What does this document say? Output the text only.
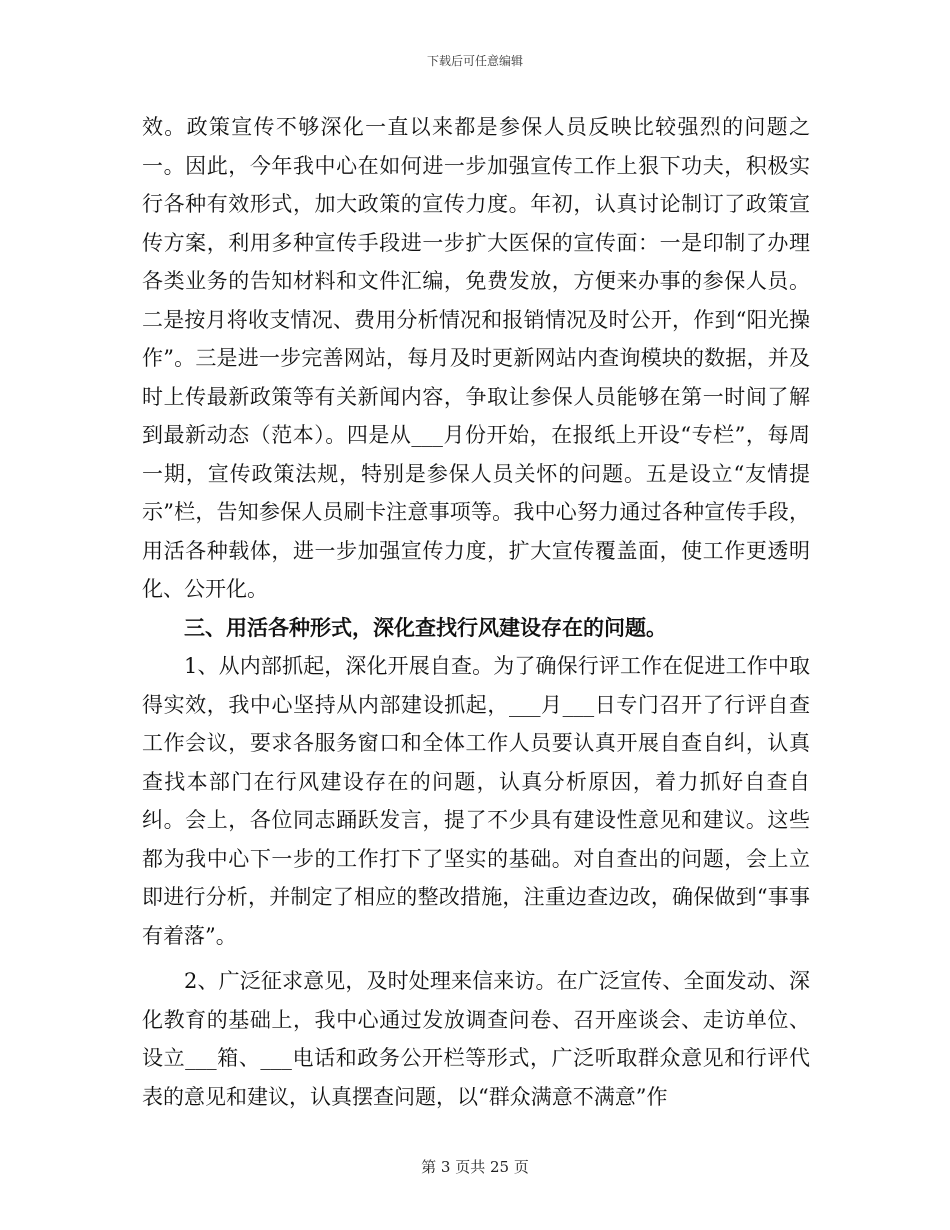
下载后可任意编辑

效。政策宣传不够深化一直以来都是参保人员反映比较强烈的问题之一。因此，今年我中心在如何进一步加强宣传工作上狠下功夫，积极实行各种有效形式，加大政策的宣传力度。年初，认真讨论制订了政策宣传方案，利用多种宣传手段进一步扩大医保的宣传面：一是印制了办理各类业务的告知材料和文件汇编，免费发放，方便来办事的参保人员。二是按月将收支情况、费用分析情况和报销情况及时公开，作到“阳光操作”。三是进一步完善网站，每月及时更新网站内查询模块的数据，并及时上传最新政策等有关新闻内容，争取让参保人员能够在第一时间了解到最新动态（范本）。四是从___月份开始，在报纸上开设“专栏”，每周一期，宣传政策法规，特别是参保人员关怀的问题。五是设立“友情提示”栏，告知参保人员刷卡注意事项等。我中心努力通过各种宣传手段，用活各种载体，进一步加强宣传力度，扩大宣传覆盖面，使工作更透明化、公开化。

三、用活各种形式，深化查找行风建设存在的问题。

1、从内部抓起，深化开展自查。为了确保行评工作在促进工作中取得实效，我中心坚持从内部建设抓起，___月___日专门召开了行评自查工作会议，要求各服务窗口和全体工作人员要认真开展自查自纠，认真查找本部门在行风建设存在的问题，认真分析原因，着力抓好自查自纠。会上，各位同志踊跃发言，提了不少具有建设性意见和建议。这些都为我中心下一步的工作打下了坚实的基础。对自查出的问题，会上立即进行分析，并制定了相应的整改措施，注重边查边改，确保做到“事事有着落”。

2、广泛征求意见，及时处理来信来访。在广泛宣传、全面发动、深化教育的基础上，我中心通过发放调查问卷、召开座谈会、走访单位、设立___箱、___电话和政务公开栏等形式，广泛听取群众意见和行评代表的意见和建议，认真摆查问题，以“群众满意不满意”作

第 3 页共 25 页
